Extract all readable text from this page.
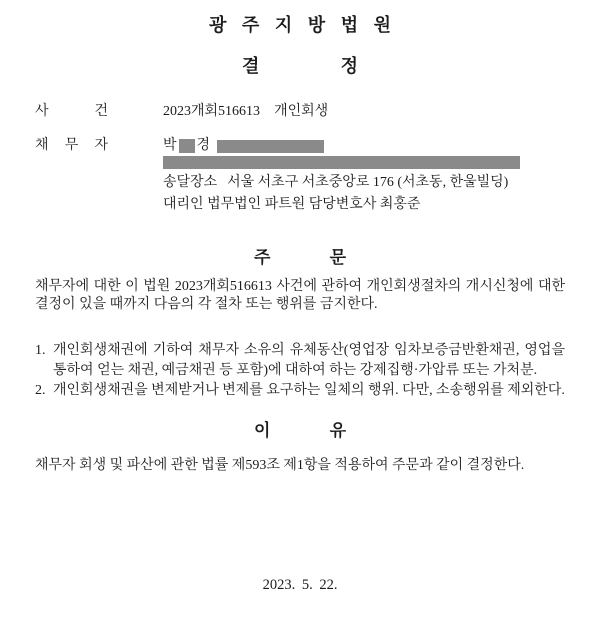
광 주 지 방 법 원
결 정
사 건	2023개회516613 개인회생
채 무 자	박 경
송달장소 서울 서초구 서초중앙로 176 (서초동, 한울빌딩)
대리인 법무법인 파트원 담당변호사 최홍준
주 문

채무자에 대한 이 법원 2023개회516613 사건에 관하여 개인회생절차의 개시신청에 대한 결정이 있을 때까지 다음의 각 절차 또는 행위를 금지한다.

1. 개인회생채권에 기하여 채무자 소유의 유체동산(영업장 임차보증금반환채권, 영업을 통하여 얻는 채권, 예금채권 등 포함)에 대하여 하는 강제집행·가압류 또는 가처분.
2. 개인회생채권을 변제받거나 변제를 요구하는 일체의 행위. 다만, 소송행위를 제외한다.
이 유

채무자 회생 및 파산에 관한 법률 제593조 제1항을 적용하여 주문과 같이 결정한다.

2023. 5. 22.
